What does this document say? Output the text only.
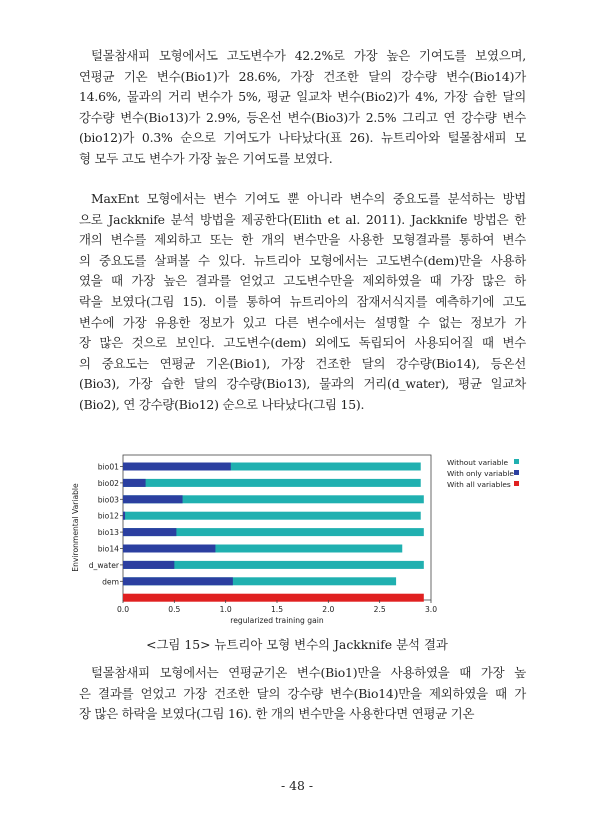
털몰참새피 모형에서도 고도변수가 42.2%로 가장 높은 기여도를 보였으며,
연평균 기온 변수(Bio1)가 28.6%, 가장 건조한 달의 강수량 변수(Bio14)가
14.6%, 물과의 거리 변수가 5%, 평균 일교차 변수(Bio2)가 4%, 가장 습한 달의
강수량 변수(Bio13)가 2.9%, 등온선 변수(Bio3)가 2.5% 그리고 연 강수량 변수
(bio12)가 0.3% 순으로 기여도가 나타났다(표 26). 뉴트리아와 털몰참새피 모
형 모두 고도 변수가 가장 높은 기여도를 보였다.
MaxEnt 모형에서는 변수 기여도 뿐 아니라 변수의 중요도를 분석하는 방법
으로 Jackknife 분석 방법을 제공한다(Elith et al. 2011). Jackknife 방법은 한
개의 변수를 제외하고 또는 한 개의 변수만을 사용한 모형결과를 통하여 변수
의 중요도를 살펴볼 수 있다. 뉴트리아 모형에서는 고도변수(dem)만을 사용하
였을 때 가장 높은 결과를 얻었고 고도변수만을 제외하였을 때 가장 많은 하
락을 보였다(그림 15). 이를 통하여 뉴트리아의 잠재서식지를 예측하기에 고도
변수에 가장 유용한 정보가 있고 다른 변수에서는 설명할 수 없는 정보가 가
장 많은 것으로 보인다. 고도변수(dem) 외에도 독립되어 사용되어질 때 변수
의 중요도는 연평균 기온(Bio1), 가장 건조한 달의 강수량(Bio14), 등온선
(Bio3), 가장 습한 달의 강수량(Bio13), 물과의 거리(d_water), 평균 일교차
(Bio2), 연 강수량(Bio12) 순으로 나타났다(그림 15).
bio01
bio02
bio03
bio12
bio13
bio14
d_water
dem
0.0	0.5	1.0	1.5	2.0	2.5	3.0
regularized training gain
Environmental Variable
Without variable
With only variable
With all variables
<그림 15> 뉴트리아 모형 변수의 Jackknife 분석 결과
털몰참새피 모형에서는 연평균기온 변수(Bio1)만을 사용하였을 때 가장 높
은 결과를 얻었고 가장 건조한 달의 강수량 변수(Bio14)만을 제외하였을 때 가
장 많은 하락을 보였다(그림 16). 한 개의 변수만을 사용한다면 연평균 기온
- 48 -
